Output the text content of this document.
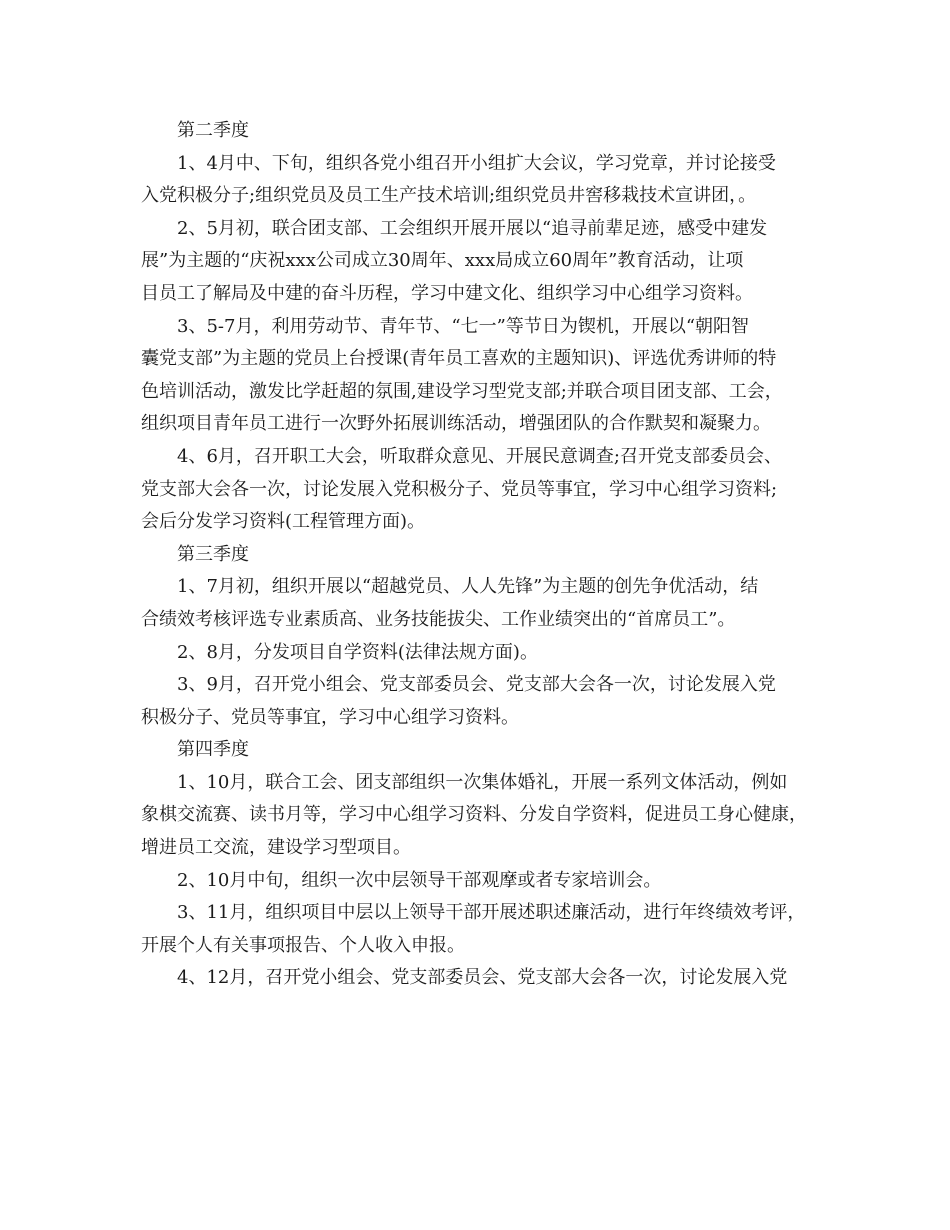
第二季度
1、4月中、下旬，组织各党小组召开小组扩大会议，学习党章，并讨论接受
入党积极分子;组织党员及员工生产技术培训;组织党员井窖移栽技术宣讲团，。
2、5月初，联合团支部、工会组织开展开展以“追寻前辈足迹，感受中建发
展”为主题的“庆祝xxx公司成立30周年、xxx局成立60周年”教育活动，让项
目员工了解局及中建的奋斗历程，学习中建文化、组织学习中心组学习资料。
3、5-7月，利用劳动节、青年节、“七一”等节日为锲机，开展以“朝阳智
囊党支部”为主题的党员上台授课(青年员工喜欢的主题知识)、评选优秀讲师的特
色培训活动，激发比学赶超的氛围,建设学习型党支部;并联合项目团支部、工会，
组织项目青年员工进行一次野外拓展训练活动，增强团队的合作默契和凝聚力。
4、6月，召开职工大会，听取群众意见、开展民意调查;召开党支部委员会、
党支部大会各一次，讨论发展入党积极分子、党员等事宜，学习中心组学习资料;
会后分发学习资料(工程管理方面)。
第三季度
1、7月初，组织开展以“超越党员、人人先锋”为主题的创先争优活动，结
合绩效考核评选专业素质高、业务技能拔尖、工作业绩突出的“首席员工”。
2、8月，分发项目自学资料(法律法规方面)。
3、9月，召开党小组会、党支部委员会、党支部大会各一次，讨论发展入党
积极分子、党员等事宜，学习中心组学习资料。
第四季度
1、10月，联合工会、团支部组织一次集体婚礼，开展一系列文体活动，例如
象棋交流赛、读书月等，学习中心组学习资料、分发自学资料，促进员工身心健康，
增进员工交流，建设学习型项目。
2、10月中旬，组织一次中层领导干部观摩或者专家培训会。
3、11月，组织项目中层以上领导干部开展述职述廉活动，进行年终绩效考评，
开展个人有关事项报告、个人收入申报。
4、12月，召开党小组会、党支部委员会、党支部大会各一次，讨论发展入党
